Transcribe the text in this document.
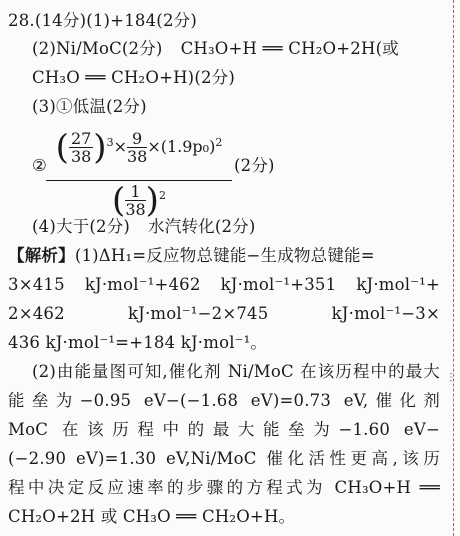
28.(14分)(1)+184(2分)
(2)Ni/MoC(2分) CH₃O+H ══ CH₂O+2H(或
CH₃O ══ CH₂O+H)(2分)
(3)①低温(2分)
② ( $\frac{27}{38} )^3\times \frac{9}{38} \times(1.9p_0)^2$
( $\frac{1}{38} )^2$
(2分)
(4)大于(2分) 水汽转化(2分)
【解析】(1)ΔH₁=反应物总键能−生成物总键能=
3×415 kJ·mol⁻¹+462 kJ·mol⁻¹+351 kJ·mol⁻¹+
2×462 kJ·mol⁻¹−2×745 kJ·mol⁻¹−3×
436 kJ·mol⁻¹=+184 kJ·mol⁻¹。
(2)由能量图可知,催化剂 Ni/MoC 在该历程中的最大
能垒为−0.95 eV−(−1.68 eV)=0.73 eV,催化剂
MoC 在该历程中的最大能垒为−1.60 eV−
(−2.90 eV)=1.30 eV,Ni/MoC 催化活性更高,该历
程中决定反应速率的步骤的方程式为 CH₃O+H ══
CH₂O+2H 或 CH₃O ══ CH₂O+H。
⋮
